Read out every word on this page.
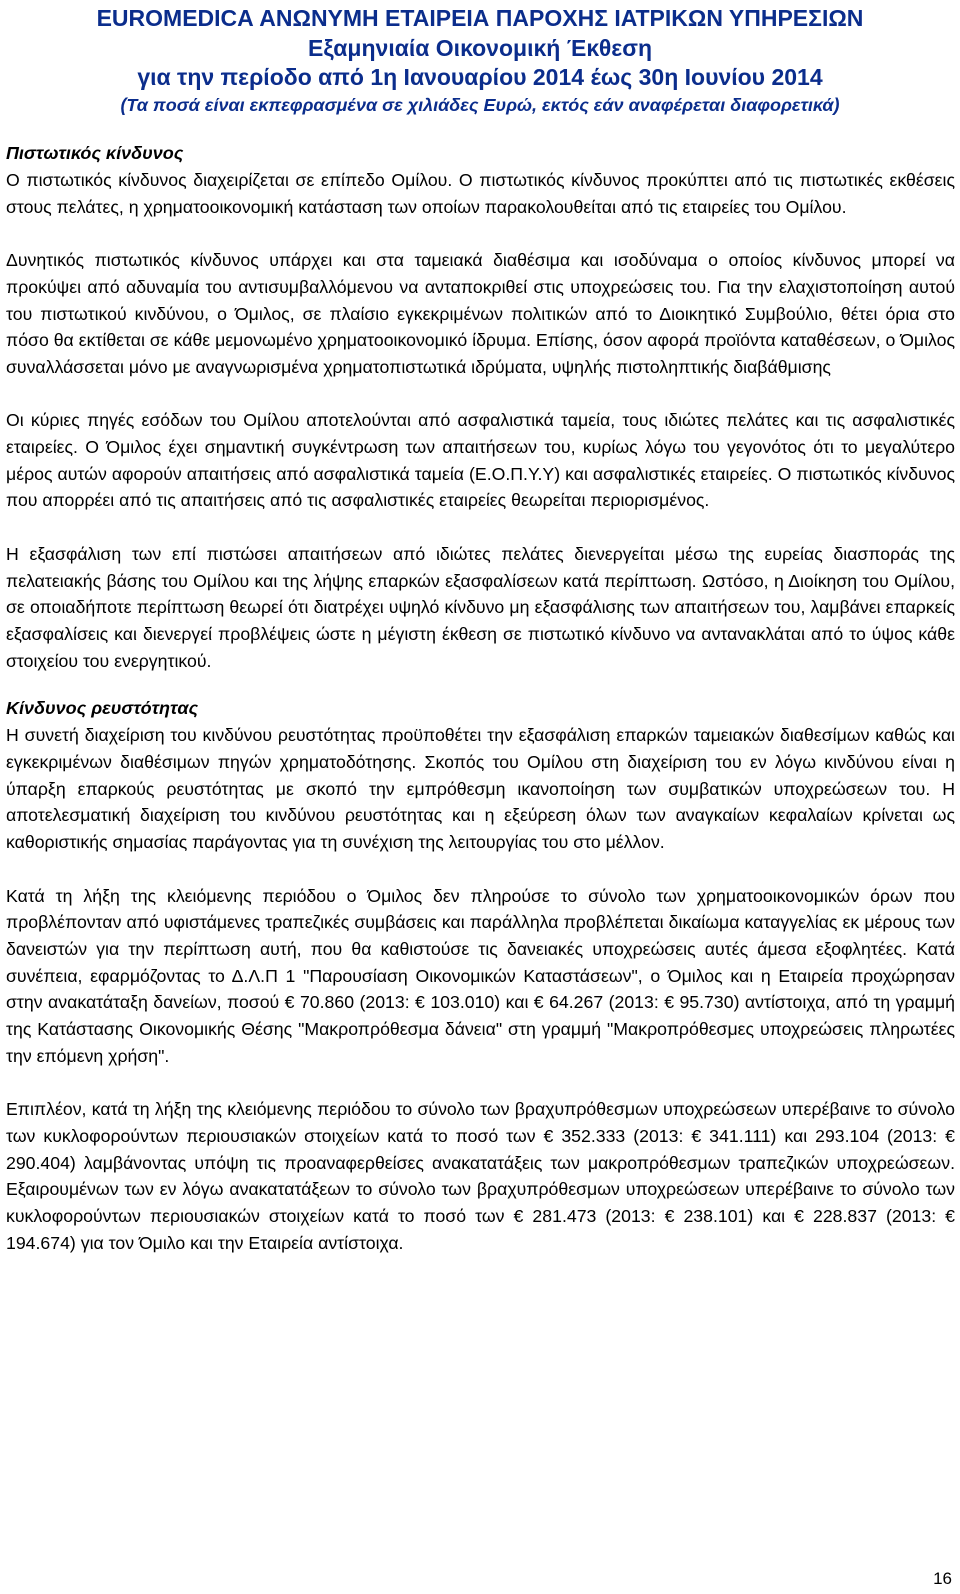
EUROMEDICA ΑΝΩΝΥΜΗ ΕΤΑΙΡΕΙΑ ΠΑΡΟΧΗΣ ΙΑΤΡΙΚΩΝ ΥΠΗΡΕΣΙΩΝ
Εξαμηνιαία Οικονομική Έκθεση
για την περίοδο από 1η Ιανουαρίου 2014 έως 30η Ιουνίου 2014
(Τα ποσά είναι εκπεφρασμένα σε χιλιάδες Ευρώ, εκτός εάν αναφέρεται διαφορετικά)
Πιστωτικός κίνδυνος

Ο πιστωτικός κίνδυνος διαχειρίζεται σε επίπεδο Ομίλου. Ο πιστωτικός κίνδυνος προκύπτει από τις πιστωτικές εκθέσεις στους πελάτες, η χρηματοοικονομική κατάσταση των οποίων παρακολουθείται από τις εταιρείες του Ομίλου.

Δυνητικός πιστωτικός κίνδυνος υπάρχει και στα ταμειακά διαθέσιμα και ισοδύναμα ο οποίος κίνδυνος μπορεί να προκύψει από αδυναμία του αντισυμβαλλόμενου να ανταποκριθεί στις υποχρεώσεις του. Για την ελαχιστοποίηση αυτού του πιστωτικού κινδύνου, ο Όμιλος, σε πλαίσιο εγκεκριμένων πολιτικών από το Διοικητικό Συμβούλιο, θέτει όρια στο πόσο θα εκτίθεται σε κάθε μεμονωμένο χρηματοοικονομικό ίδρυμα. Επίσης, όσον αφορά προϊόντα καταθέσεων, ο Όμιλος συναλλάσσεται μόνο με αναγνωρισμένα χρηματοπιστωτικά ιδρύματα, υψηλής πιστοληπτικής διαβάθμισης

Οι κύριες πηγές εσόδων του Ομίλου αποτελούνται από ασφαλιστικά ταμεία, τους ιδιώτες πελάτες και τις ασφαλιστικές εταιρείες. Ο Όμιλος έχει σημαντική συγκέντρωση των απαιτήσεων του, κυρίως λόγω του γεγονότος ότι το μεγαλύτερο μέρος αυτών αφορούν απαιτήσεις από ασφαλιστικά ταμεία (Ε.Ο.Π.Υ.Υ) και ασφαλιστικές εταιρείες. Ο πιστωτικός κίνδυνος που απορρέει από τις απαιτήσεις από τις ασφαλιστικές εταιρείες θεωρείται περιορισμένος.

Η εξασφάλιση των επί πιστώσει απαιτήσεων από ιδιώτες πελάτες διενεργείται μέσω της ευρείας διασποράς της πελατειακής βάσης του Ομίλου και της λήψης επαρκών εξασφαλίσεων κατά περίπτωση. Ωστόσο, η Διοίκηση του Ομίλου, σε οποιαδήποτε περίπτωση θεωρεί ότι διατρέχει υψηλό κίνδυνο μη εξασφάλισης των απαιτήσεων του, λαμβάνει επαρκείς εξασφαλίσεις και διενεργεί προβλέψεις ώστε η μέγιστη έκθεση σε πιστωτικό κίνδυνο να αντανακλάται από το ύψος κάθε στοιχείου του ενεργητικού.

Κίνδυνος ρευστότητας

Η συνετή διαχείριση του κινδύνου ρευστότητας προϋποθέτει την εξασφάλιση επαρκών ταμειακών διαθεσίμων καθώς και εγκεκριμένων διαθέσιμων πηγών χρηματοδότησης. Σκοπός του Ομίλου στη διαχείριση του εν λόγω κινδύνου είναι η ύπαρξη επαρκούς ρευστότητας με σκοπό την εμπρόθεσμη ικανοποίηση των συμβατικών υποχρεώσεων του. Η αποτελεσματική διαχείριση του κινδύνου ρευστότητας και η εξεύρεση όλων των αναγκαίων κεφαλαίων κρίνεται ως καθοριστικής σημασίας παράγοντας για τη συνέχιση της λειτουργίας του στο μέλλον.

Κατά τη λήξη της κλειόμενης περιόδου ο Όμιλος δεν πληρούσε το σύνολο των χρηματοοικονομικών όρων που προβλέπονταν από υφιστάμενες τραπεζικές συμβάσεις και παράλληλα προβλέπεται δικαίωμα καταγγελίας εκ μέρους των δανειστών για την περίπτωση αυτή, που θα καθιστούσε τις δανειακές υποχρεώσεις αυτές άμεσα εξοφλητέες. Κατά συνέπεια, εφαρμόζοντας το Δ.Λ.Π 1 "Παρουσίαση Οικονομικών Καταστάσεων", ο Όμιλος και η Εταιρεία προχώρησαν στην ανακατάταξη δανείων, ποσού € 70.860 (2013: € 103.010) και € 64.267 (2013: € 95.730) αντίστοιχα, από τη γραμμή της Κατάστασης Οικονομικής Θέσης "Μακροπρόθεσμα δάνεια" στη γραμμή "Μακροπρόθεσμες υποχρεώσεις πληρωτέες την επόμενη χρήση".

Επιπλέον, κατά τη λήξη της κλειόμενης περιόδου το σύνολο των βραχυπρόθεσμων υποχρεώσεων υπερέβαινε το σύνολο των κυκλοφορούντων περιουσιακών στοιχείων κατά το ποσό των € 352.333 (2013: € 341.111) και 293.104 (2013: € 290.404) λαμβάνοντας υπόψη τις προαναφερθείσες ανακατατάξεις των μακροπρόθεσμων τραπεζικών υποχρεώσεων. Εξαιρουμένων των εν λόγω ανακατατάξεων το σύνολο των βραχυπρόθεσμων υποχρεώσεων υπερέβαινε το σύνολο των κυκλοφορούντων περιουσιακών στοιχείων κατά το ποσό των € 281.473 (2013: € 238.101) και € 228.837 (2013: € 194.674) για τον Όμιλο και την Εταιρεία αντίστοιχα.

16
